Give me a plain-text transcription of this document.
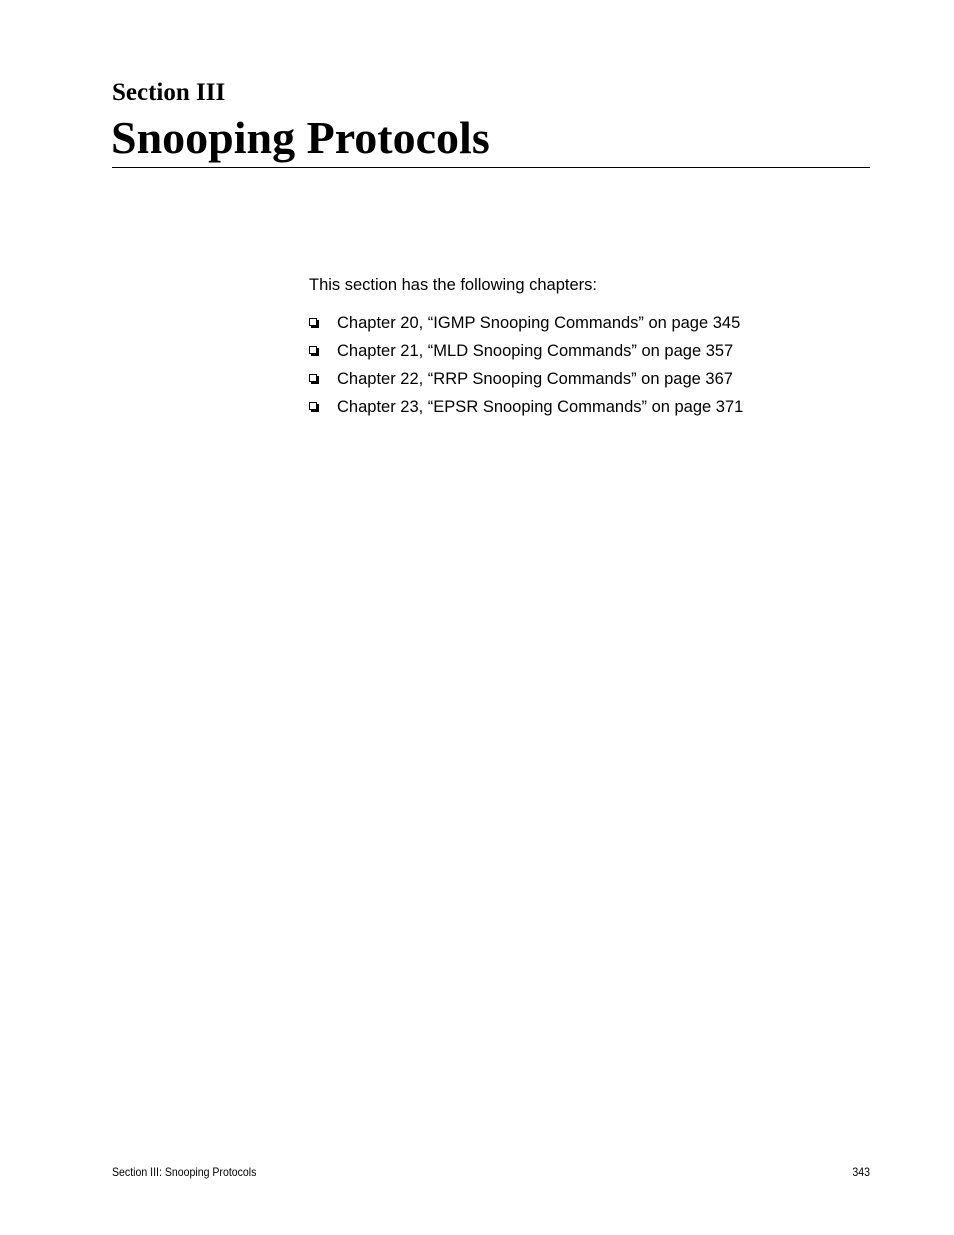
Section III
Snooping Protocols
This section has the following chapters:
Chapter 20, “IGMP Snooping Commands” on page 345
Chapter 21, “MLD Snooping Commands” on page 357
Chapter 22, “RRP Snooping Commands” on page 367
Chapter 23, “EPSR Snooping Commands” on page 371
Section III: Snooping Protocols	343
